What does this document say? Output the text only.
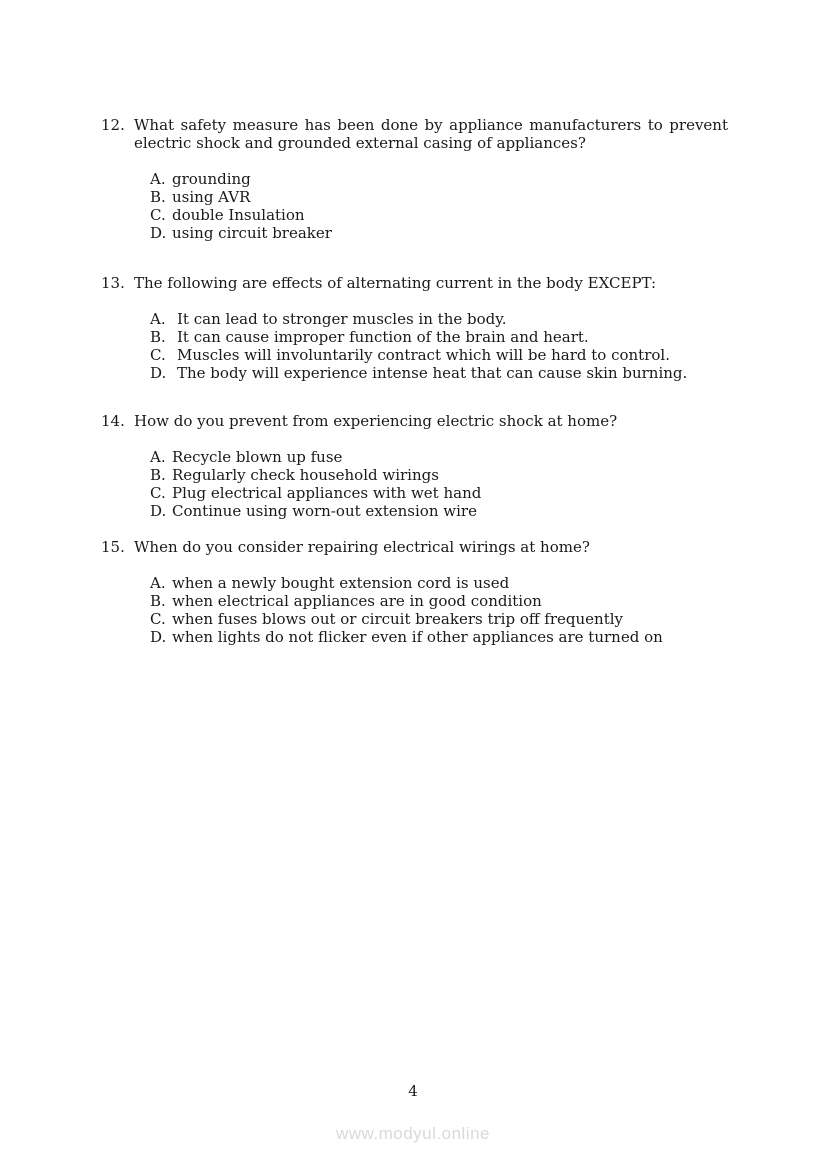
12. What safety measure has been done by appliance manufacturers to prevent electric shock and grounded external casing of appliances?
A. grounding
B. using AVR
C. double Insulation
D. using circuit breaker
13. The following are effects of alternating current in the body EXCEPT:
A. It can lead to stronger muscles in the body.
B. It can cause improper function of the brain and heart.
C. Muscles will involuntarily contract which will be hard to control.
D. The body will experience intense heat that can cause skin burning.
14. How do you prevent from experiencing electric shock at home?
A. Recycle blown up fuse
B. Regularly check household wirings
C. Plug electrical appliances with wet hand
D. Continue using worn-out extension wire
15. When do you consider repairing electrical wirings at home?
A. when a newly bought extension cord is used
B. when electrical appliances are in good condition
C. when fuses blows out or circuit breakers trip off frequently
D. when lights do not flicker even if other appliances are turned on
4
www.modyul.online
